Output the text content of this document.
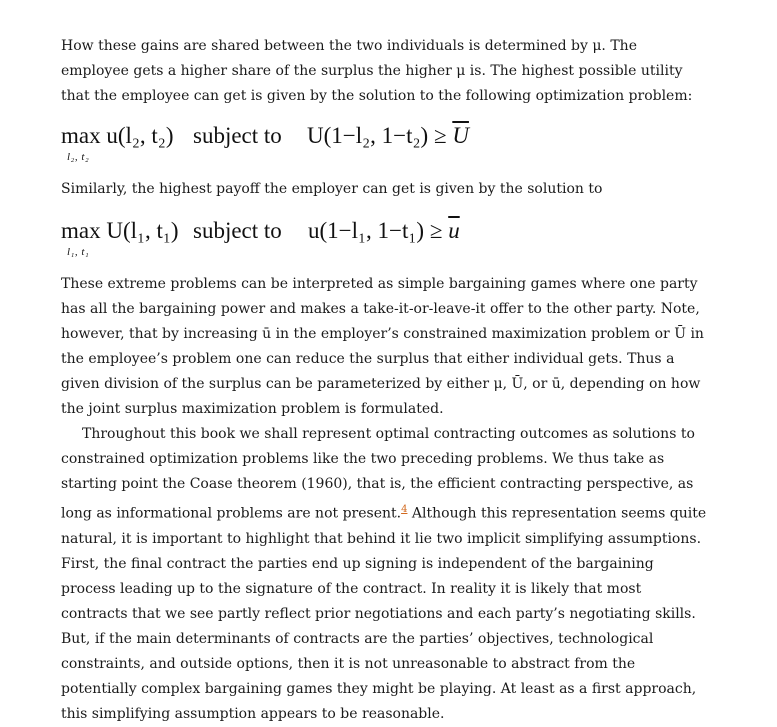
How these gains are shared between the two individuals is determined by μ. The employee gets a higher share of the surplus the higher μ is. The highest possible utility that the employee can get is given by the solution to the following optimization problem:

max u(l₂, t₂)
l₂, t₂
subject to U(1−l₂, $1-t_2) \ge \overline{U}$

Similarly, the highest payoff the employer can get is given by the solution to

max U(l₁, t₁)
l₁, t₁
subject to u(1−l₁, $1-t_1) \ge \overline{u}$

These extreme problems can be interpreted as simple bargaining games where one party has all the bargaining power and makes a take-it-or-leave-it offer to the other party. Note, however, that by increasing ū in the employer’s constrained maximization problem or Ū in the employee’s problem one can reduce the surplus that either individual gets. Thus a given division of the surplus can be parameterized by either μ, Ū, or ū, depending on how the joint surplus maximization problem is formulated.

Throughout this book we shall represent optimal contracting outcomes as solutions to constrained optimization problems like the two preceding problems. We thus take as starting point the Coase theorem (1960), that is, the efficient contracting perspective, as long as informational problems are not present.$^4$ Although this representation seems quite natural, it is important to highlight that behind it lie two implicit simplifying assumptions. First, the final contract the parties end up signing is independent of the bargaining process leading up to the signature of the contract. In reality it is likely that most contracts that we see partly reflect prior negotiations and each party’s negotiating skills. But, if the main determinants of contracts are the parties’ objectives, technological constraints, and outside options, then it is not unreasonable to abstract from the potentially complex bargaining games they might be playing. At least as a first approach, this simplifying assumption appears to be reasonable.
